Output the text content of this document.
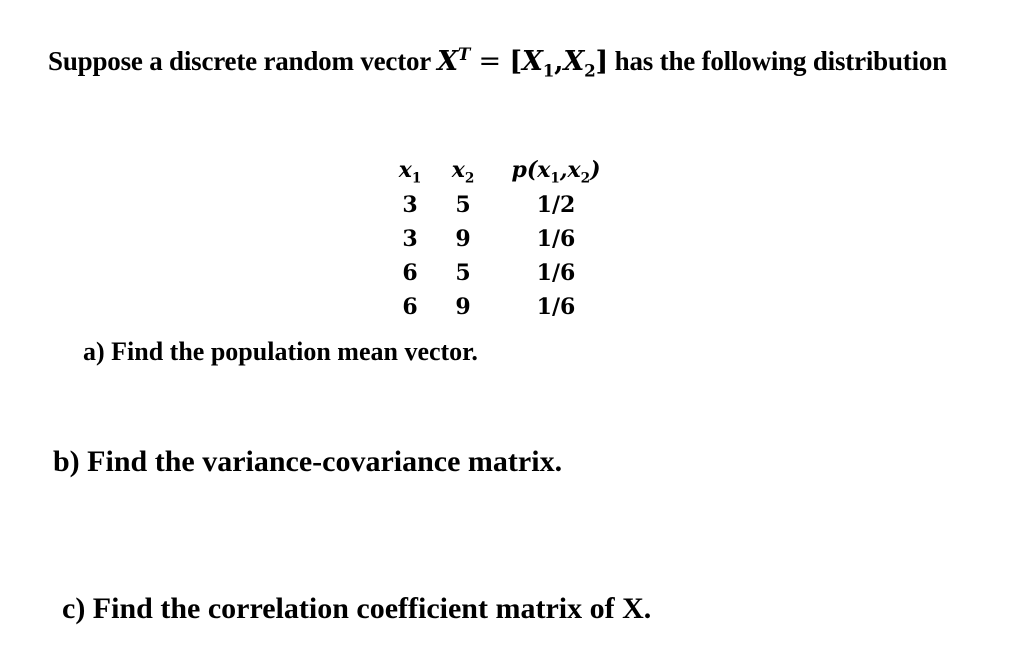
Suppose a discrete random vector $X^T = [X_1,X_2]$ has the following distribution
$x_1$	$x_2$	$p(x_1,x_2)$
3	5	1/2
3	9	1/6
6	5	1/6
6	9	1/6
a) Find the population mean vector.
b) Find the variance-covariance matrix.
c) Find the correlation coefficient matrix of X.
